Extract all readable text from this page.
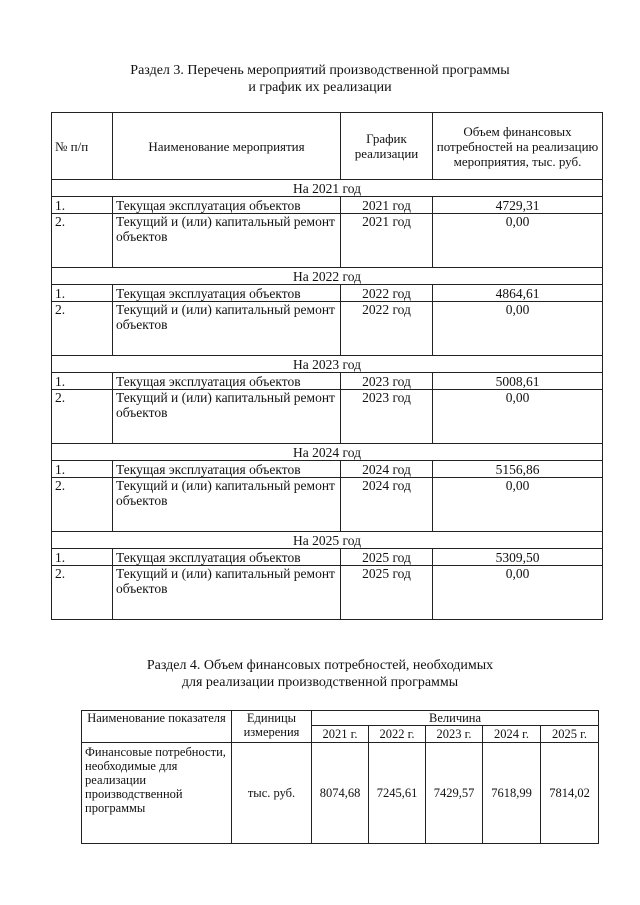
Раздел 3. Перечень мероприятий производственной программы
и график их реализации
№ п/п	Наименование мероприятия	График реализации	Объем финансовых потребностей на реализацию мероприятия, тыс. руб.
На 2021 год			
1.	Текущая эксплуатация объектов	2021 год	4729,31
2.	Текущий и (или) капитальный ремонт объектов	2021 год	0,00
На 2022 год			
1.	Текущая эксплуатация объектов	2022 год	4864,61
2.	Текущий и (или) капитальный ремонт объектов	2022 год	0,00
На 2023 год			
1.	Текущая эксплуатация объектов	2023 год	5008,61
2.	Текущий и (или) капитальный ремонт объектов	2023 год	0,00
На 2024 год			
1.	Текущая эксплуатация объектов	2024 год	5156,86
2.	Текущий и (или) капитальный ремонт объектов	2024 год	0,00
На 2025 год			
1.	Текущая эксплуатация объектов	2025 год	5309,50
2.	Текущий и (или) капитальный ремонт объектов	2025 год	0,00
Раздел 4. Объем финансовых потребностей, необходимых
для реализации производственной программы
Наименование показателя	Единицы измерения	Величина				
		2021 г.	2022 г.	2023 г.	2024 г.	2025 г.
Финансовые потребности, необходимые для реализации производственной программы	тыс. руб.	8074,68	7245,61	7429,57	7618,99	7814,02
